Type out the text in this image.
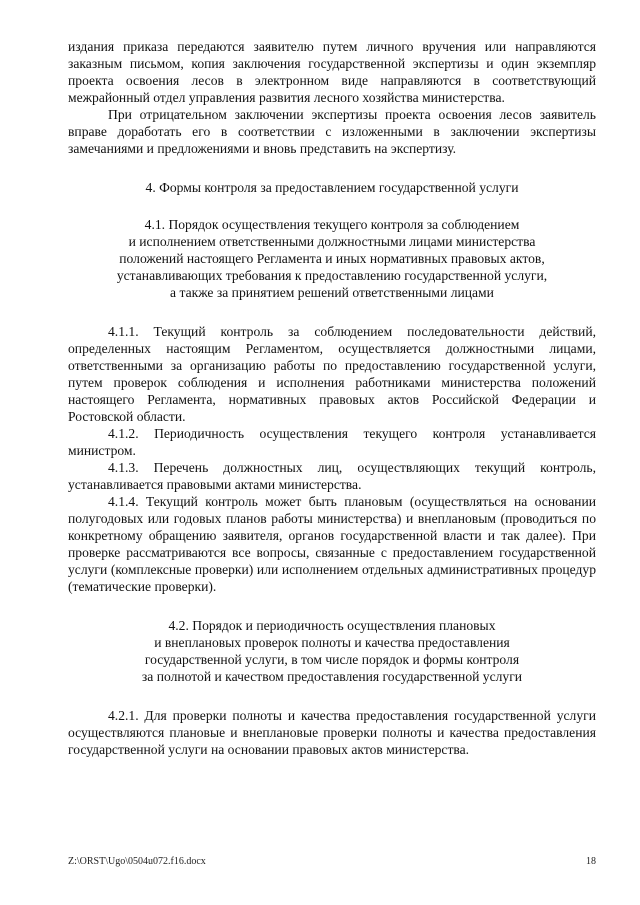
издания приказа передаются заявителю путем личного вручения или направляются заказным письмом, копия заключения государственной экспертизы и один экземпляр проекта освоения лесов в электронном виде направляются в соответствующий межрайонный отдел управления развития лесного хозяйства министерства.

При отрицательном заключении экспертизы проекта освоения лесов заявитель вправе доработать его в соответствии с изложенными в заключении экспертизы замечаниями и предложениями и вновь представить на экспертизу.

4. Формы контроля за предоставлением государственной услуги

4.1. Порядок осуществления текущего контроля за соблюдением

и исполнением ответственными должностными лицами министерства

положений настоящего Регламента и иных нормативных правовых актов,

устанавливающих требования к предоставлению государственной услуги,

а также за принятием решений ответственными лицами

4.1.1. Текущий контроль за соблюдением последовательности действий, определенных настоящим Регламентом, осуществляется должностными лицами, ответственными за организацию работы по предоставлению государственной услуги, путем проверок соблюдения и исполнения работниками министерства положений настоящего Регламента, нормативных правовых актов Российской Федерации и Ростовской области.

4.1.2. Периодичность осуществления текущего контроля устанавливается министром.

4.1.3. Перечень должностных лиц, осуществляющих текущий контроль, устанавливается правовыми актами министерства.

4.1.4. Текущий контроль может быть плановым (осуществляться на основании полугодовых или годовых планов работы министерства) и внеплановым (проводиться по конкретному обращению заявителя, органов государственной власти и так далее). При проверке рассматриваются все вопросы, связанные с предоставлением государственной услуги (комплексные проверки) или исполнением отдельных административных процедур (тематические проверки).

4.2. Порядок и периодичность осуществления плановых

и внеплановых проверок полноты и качества предоставления

государственной услуги, в том числе порядок и формы контроля

за полнотой и качеством предоставления государственной услуги

4.2.1. Для проверки полноты и качества предоставления государственной услуги осуществляются плановые и внеплановые проверки полноты и качества предоставления государственной услуги на основании правовых актов министерства.

Z:\ORST\Ugo\0504u072.f16.docx	18
